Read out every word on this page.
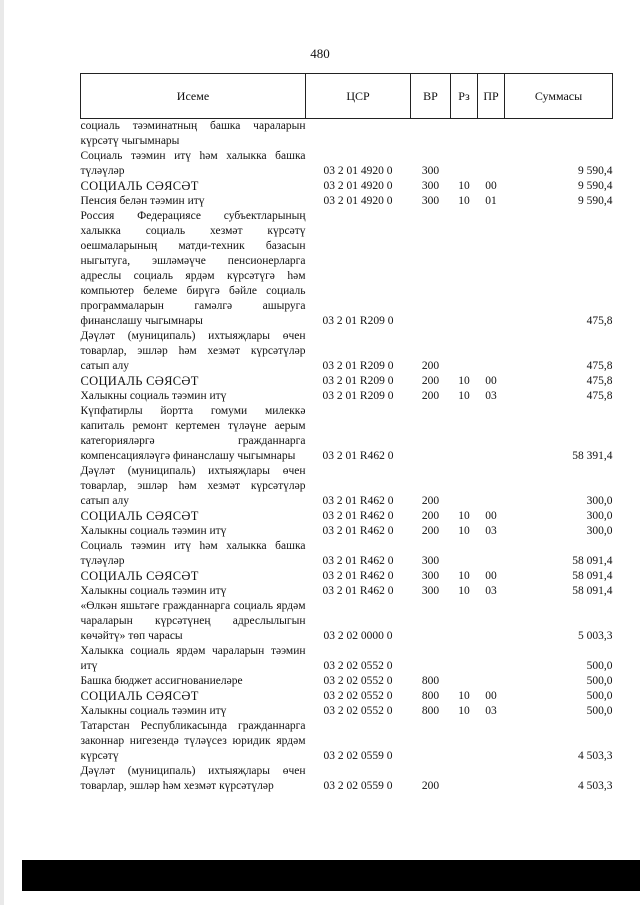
480
Исеме	ЦСР	ВР	Рз	ПР	Суммасы
социаль тәэминатның башка чараларын күрсәтү чыгымнары					
Социаль тәэмин итү һәм халыкка башка түләүләр	03 2 01 4920 0	300			9 590,4
СОЦИАЛЬ СӘЯСӘТ	03 2 01 4920 0	300	10	00	9 590,4
Пенсия белән тәэмин итү	03 2 01 4920 0	300	10	01	9 590,4
Россия Федерациясе субъектларының халыкка социаль хезмәт күрсәтү оешмаларының матди-техник базасын ныгытуга, эшләмәүче пенсионерларга адреслы социаль ярдәм күрсәтүгә һәм компьютер белеме бирүгә бәйле социаль программаларын гамәлгә ашыруга финанслашу чыгымнары	03 2 01 R209 0				475,8
Дәүләт (муниципаль) ихтыяҗлары өчен товарлар, эшләр һәм хезмәт күрсәтүләр сатып алу	03 2 01 R209 0	200			475,8
СОЦИАЛЬ СӘЯСӘТ	03 2 01 R209 0	200	10	00	475,8
Халыкны социаль тәэмин итү	03 2 01 R209 0	200	10	03	475,8
Күпфатирлы йортта гомуми милеккә капиталь ремонт кертемен түләүне аерым категорияләргә гражданнарга компенсацияләүгә финанслашу чыгымнары	03 2 01 R462 0				58 391,4
Дәүләт (муниципаль) ихтыяҗлары өчен товарлар, эшләр һәм хезмәт күрсәтүләр сатып алу	03 2 01 R462 0	200			300,0
СОЦИАЛЬ СӘЯСӘТ	03 2 01 R462 0	200	10	00	300,0
Халыкны социаль тәэмин итү	03 2 01 R462 0	200	10	03	300,0
Социаль тәэмин итү һәм халыкка башка түләүләр	03 2 01 R462 0	300			58 091,4
СОЦИАЛЬ СӘЯСӘТ	03 2 01 R462 0	300	10	00	58 091,4
Халыкны социаль тәэмин итү	03 2 01 R462 0	300	10	03	58 091,4
«Өлкән яшьтәге гражданнарга социаль ярдәм чараларын күрсәтүнең адреслылыгын көчәйтү» төп чарасы	03 2 02 0000 0				5 003,3
Халыкка социаль ярдәм чараларын тәэмин итү	03 2 02 0552 0				500,0
Башка бюджет ассигнованиеләре	03 2 02 0552 0	800			500,0
СОЦИАЛЬ СӘЯСӘТ	03 2 02 0552 0	800	10	00	500,0
Халыкны социаль тәэмин итү	03 2 02 0552 0	800	10	03	500,0
Татарстан Республикасында гражданнарга законнар нигезендә түләүсез юридик ярдәм күрсәтү	03 2 02 0559 0				4 503,3
Дәүләт (муниципаль) ихтыяҗлары өчен товарлар, эшләр һәм хезмәт күрсәтүләр	03 2 02 0559 0	200			4 503,3
